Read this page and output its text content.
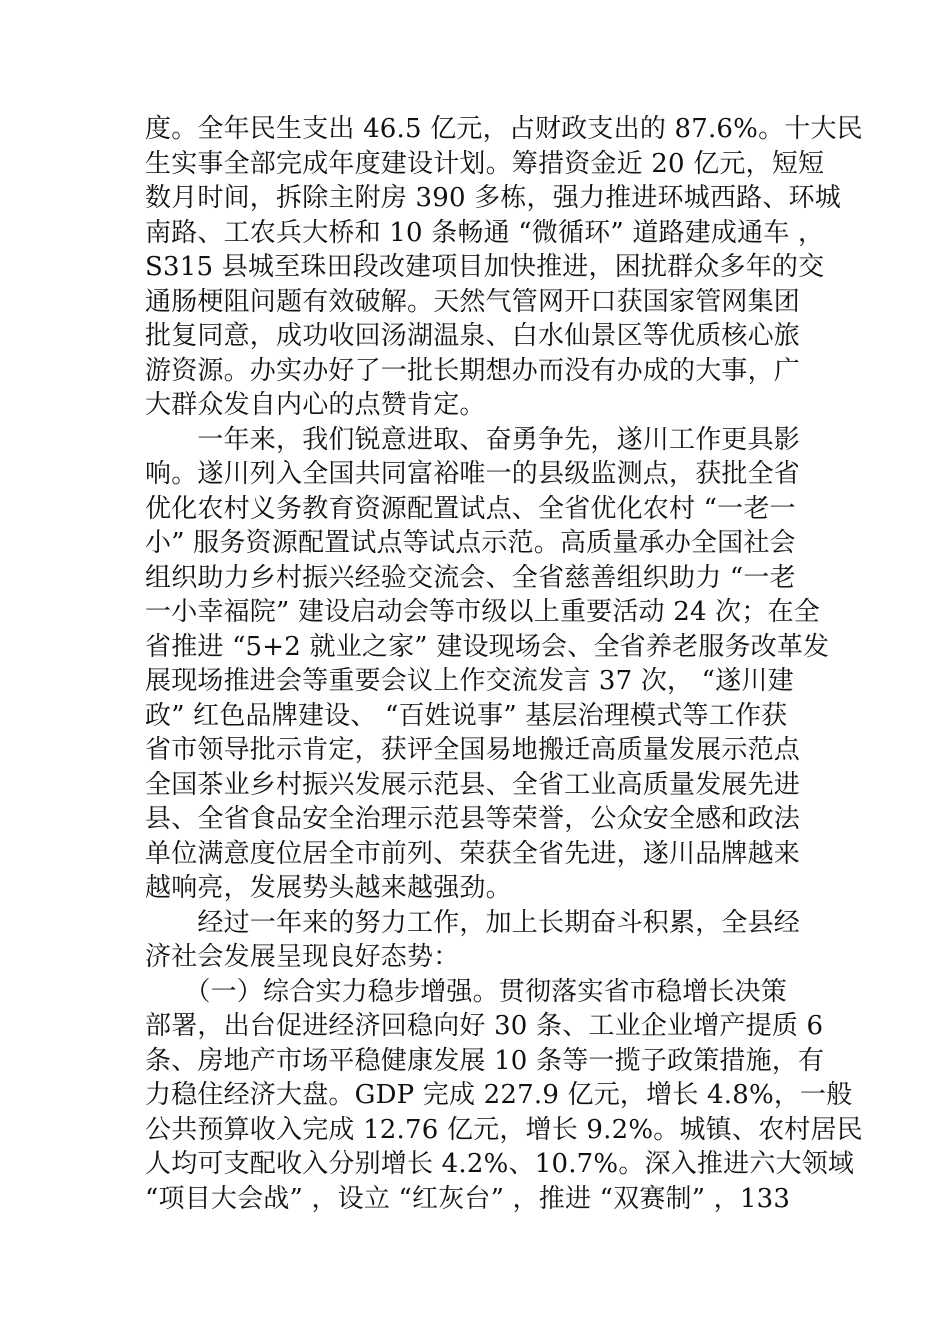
度。全年民生支出 46.5 亿元，占财政支出的 87.6%。十大民
生实事全部完成年度建设计划。筹措资金近 20 亿元，短短
数月时间，拆除主附房 390 多栋，强力推进环城西路、环城
南路、工农兵大桥和 10 条畅通 “微循环” 道路建成通车 ，
S315 县城至珠田段改建项目加快推进，困扰群众多年的交
通肠梗阻问题有效破解。天然气管网开口获国家管网集团
批复同意，成功收回汤湖温泉、白水仙景区等优质核心旅
游资源。办实办好了一批长期想办而没有办成的大事，广
大群众发自内心的点赞肯定。
　　一年来，我们锐意进取、奋勇争先，遂川工作更具影
响。遂川列入全国共同富裕唯一的县级监测点，获批全省
优化农村义务教育资源配置试点、全省优化农村 “一老一
小” 服务资源配置试点等试点示范。高质量承办全国社会
组织助力乡村振兴经验交流会、全省慈善组织助力 “一老
一小幸福院” 建设启动会等市级以上重要活动 24 次；在全
省推进 “5+2 就业之家” 建设现场会、全省养老服务改革发
展现场推进会等重要会议上作交流发言 37 次， “遂川建
政” 红色品牌建设、 “百姓说事” 基层治理模式等工作获
省市领导批示肯定，获评全国易地搬迁高质量发展示范点
全国茶业乡村振兴发展示范县、全省工业高质量发展先进
县、全省食品安全治理示范县等荣誉，公众安全感和政法
单位满意度位居全市前列、荣获全省先进，遂川品牌越来
越响亮，发展势头越来越强劲。
　　经过一年来的努力工作，加上长期奋斗积累，全县经
济社会发展呈现良好态势：
　　（一）综合实力稳步增强。贯彻落实省市稳增长决策
部署，出台促进经济回稳向好 30 条、工业企业增产提质 6
条、房地产市场平稳健康发展 10 条等一揽子政策措施，有
力稳住经济大盘。GDP 完成 227.9 亿元，增长 4.8%，一般
公共预算收入完成 12.76 亿元，增长 9.2%。城镇、农村居民
人均可支配收入分别增长 4.2%、10.7%。深入推进六大领域
“项目大会战” ，设立 “红灰台” ，推进 “双赛制” ，133
